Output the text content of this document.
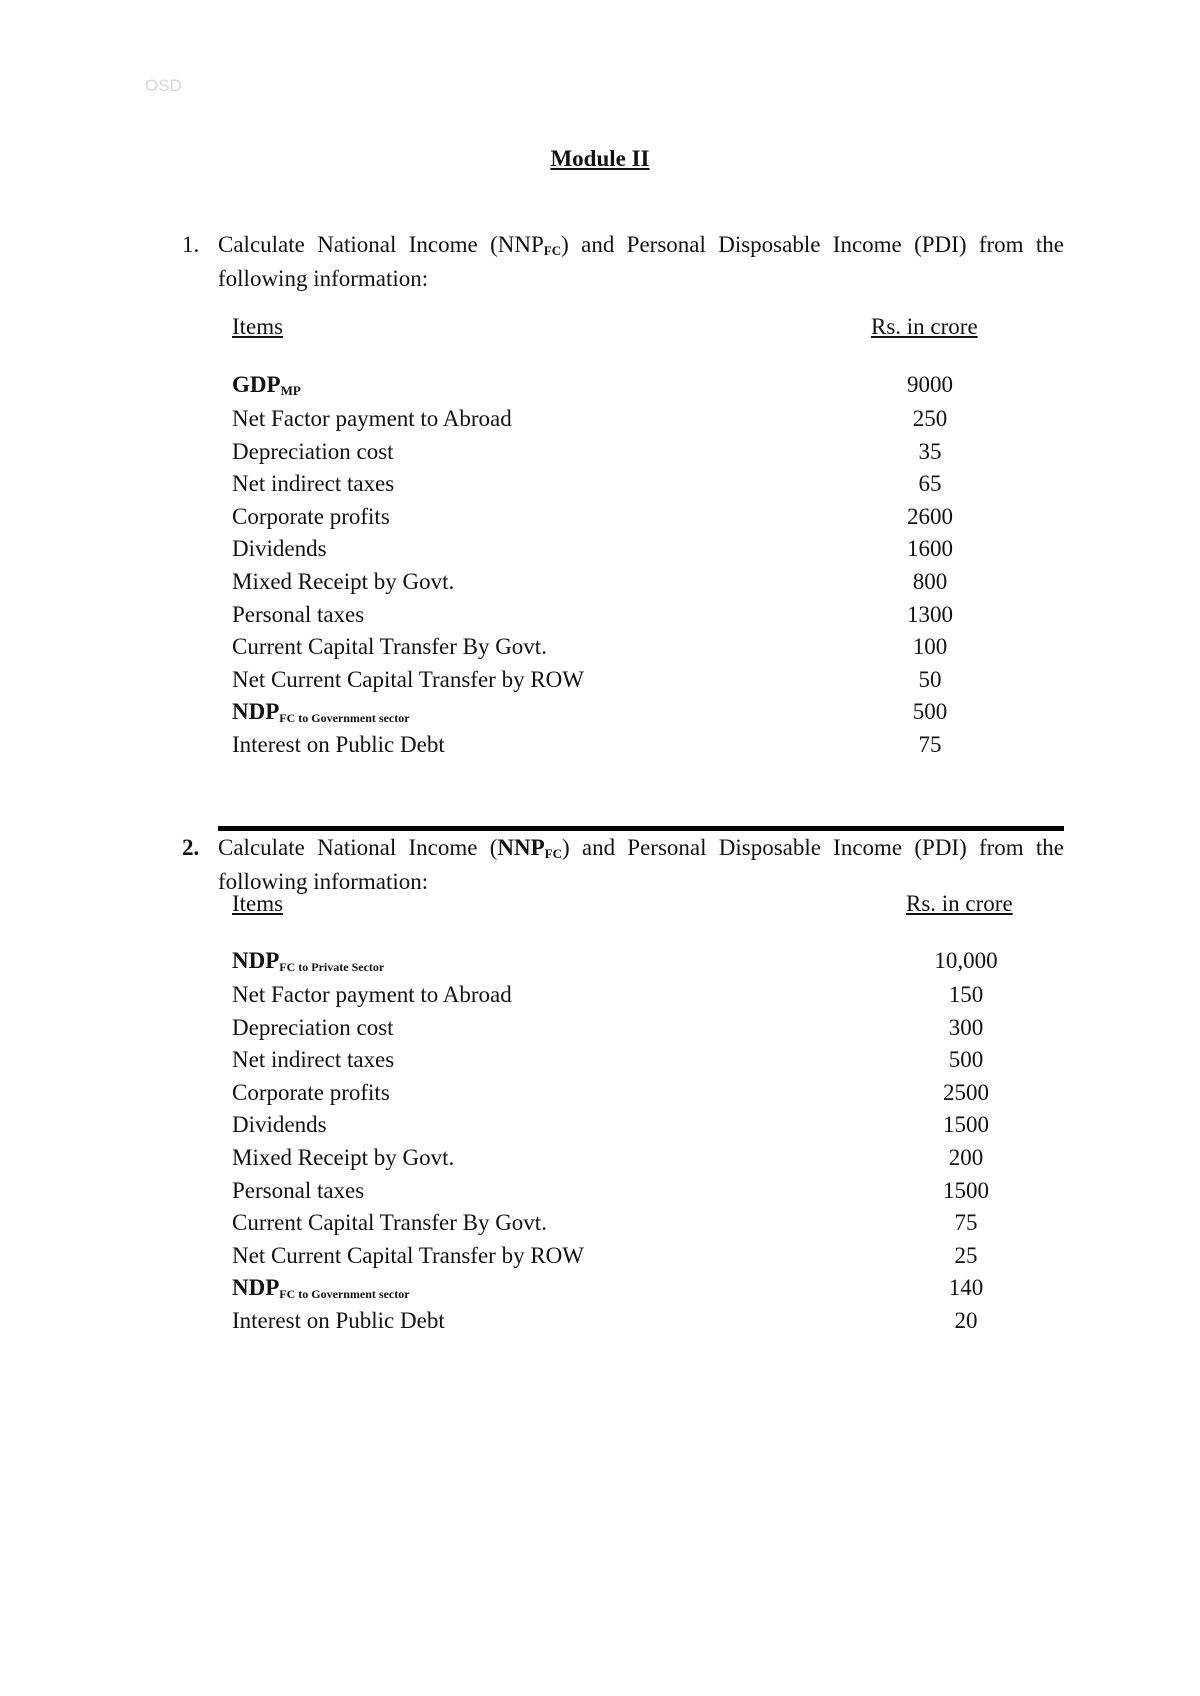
OSD
Module II
1. Calculate National Income $(NNP_{FC})$ and Personal Disposable Income (PDI) from the following information:
Items	Rs. in crore
$GDP_{MP}$	9000
Net Factor payment to Abroad	250
Depreciation cost	35
Net indirect taxes	65
Corporate profits	2600
Dividends	1600
Mixed Receipt by Govt.	800
Personal taxes	1300
Current Capital Transfer By Govt.	100
Net Current Capital Transfer by ROW	50
NDPFC to Government sector	500
Interest on Public Debt	75
2. Calculate National Income $(NNP_{FC})$ and Personal Disposable Income (PDI) from the following information:
Items	Rs. in crore
NDPFC to Private Sector	10,000
Net Factor payment to Abroad	150
Depreciation cost	300
Net indirect taxes	500
Corporate profits	2500
Dividends	1500
Mixed Receipt by Govt.	200
Personal taxes	1500
Current Capital Transfer By Govt.	75
Net Current Capital Transfer by ROW	25
NDPFC to Government sector	140
Interest on Public Debt	20
